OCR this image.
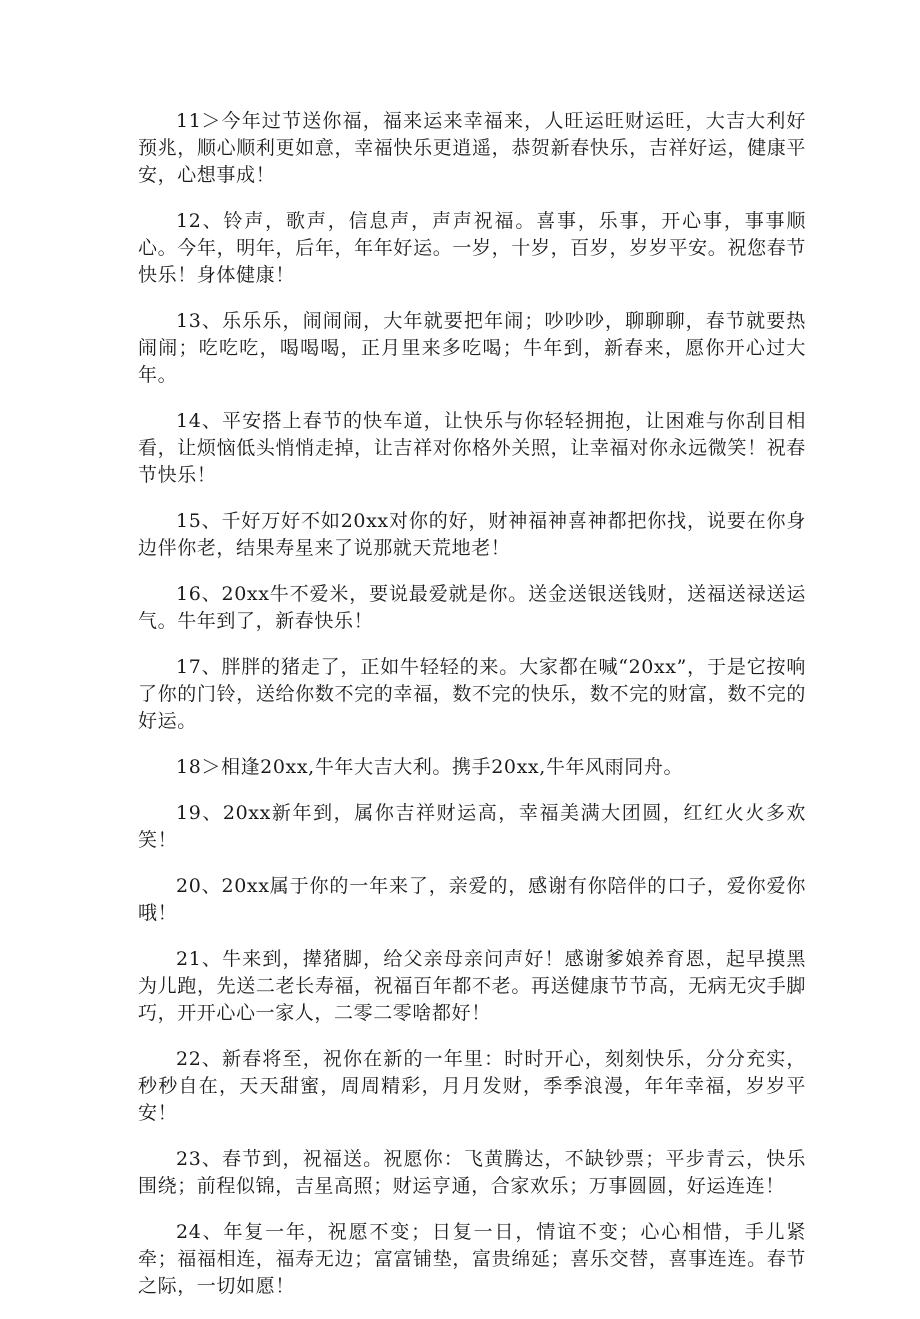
11＞今年过节送你福，福来运来幸福来，人旺运旺财运旺，大吉大利好预兆，顺心顺利更如意，幸福快乐更逍遥，恭贺新春快乐，吉祥好运，健康平安，心想事成！

12、铃声，歌声，信息声，声声祝福。喜事，乐事，开心事，事事顺心。今年，明年，后年，年年好运。一岁，十岁，百岁，岁岁平安。祝您春节快乐！身体健康！

13、乐乐乐，闹闹闹，大年就要把年闹；吵吵吵，聊聊聊，春节就要热闹闹；吃吃吃，喝喝喝，正月里来多吃喝；牛年到，新春来，愿你开心过大年。

14、平安搭上春节的快车道，让快乐与你轻轻拥抱，让困难与你刮目相看，让烦恼低头悄悄走掉，让吉祥对你格外关照，让幸福对你永远微笑！祝春节快乐！

15、千好万好不如20xx对你的好，财神福神喜神都把你找，说要在你身边伴你老，结果寿星来了说那就天荒地老！

16、20xx牛不爱米，要说最爱就是你。送金送银送钱财，送福送禄送运气。牛年到了，新春快乐！

17、胖胖的猪走了，正如牛轻轻的来。大家都在喊“20xx”，于是它按响了你的门铃，送给你数不完的幸福，数不完的快乐，数不完的财富，数不完的好运。

18＞相逢20xx,牛年大吉大利。携手20xx,牛年风雨同舟。

19、20xx新年到，属你吉祥财运高，幸福美满大团圆，红红火火多欢笑！

20、20xx属于你的一年来了，亲爱的，感谢有你陪伴的口子，爱你爱你哦！

21、牛来到，撵猪脚，给父亲母亲问声好！感谢爹娘养育恩，起早摸黑为儿跑，先送二老长寿福，祝福百年都不老。再送健康节节高，无病无灾手脚巧，开开心心一家人，二零二零啥都好！

22、新春将至，祝你在新的一年里：时时开心，刻刻快乐，分分充实，秒秒自在，天天甜蜜，周周精彩，月月发财，季季浪漫，年年幸福，岁岁平安！

23、春节到，祝福送。祝愿你：飞黄腾达，不缺钞票；平步青云，快乐围绕；前程似锦，吉星高照；财运亨通，合家欢乐；万事圆圆，好运连连！

24、年复一年，祝愿不变；日复一日，情谊不变；心心相惜，手儿紧牵；福福相连，福寿无边；富富铺垫，富贵绵延；喜乐交替，喜事连连。春节之际，一切如愿！
